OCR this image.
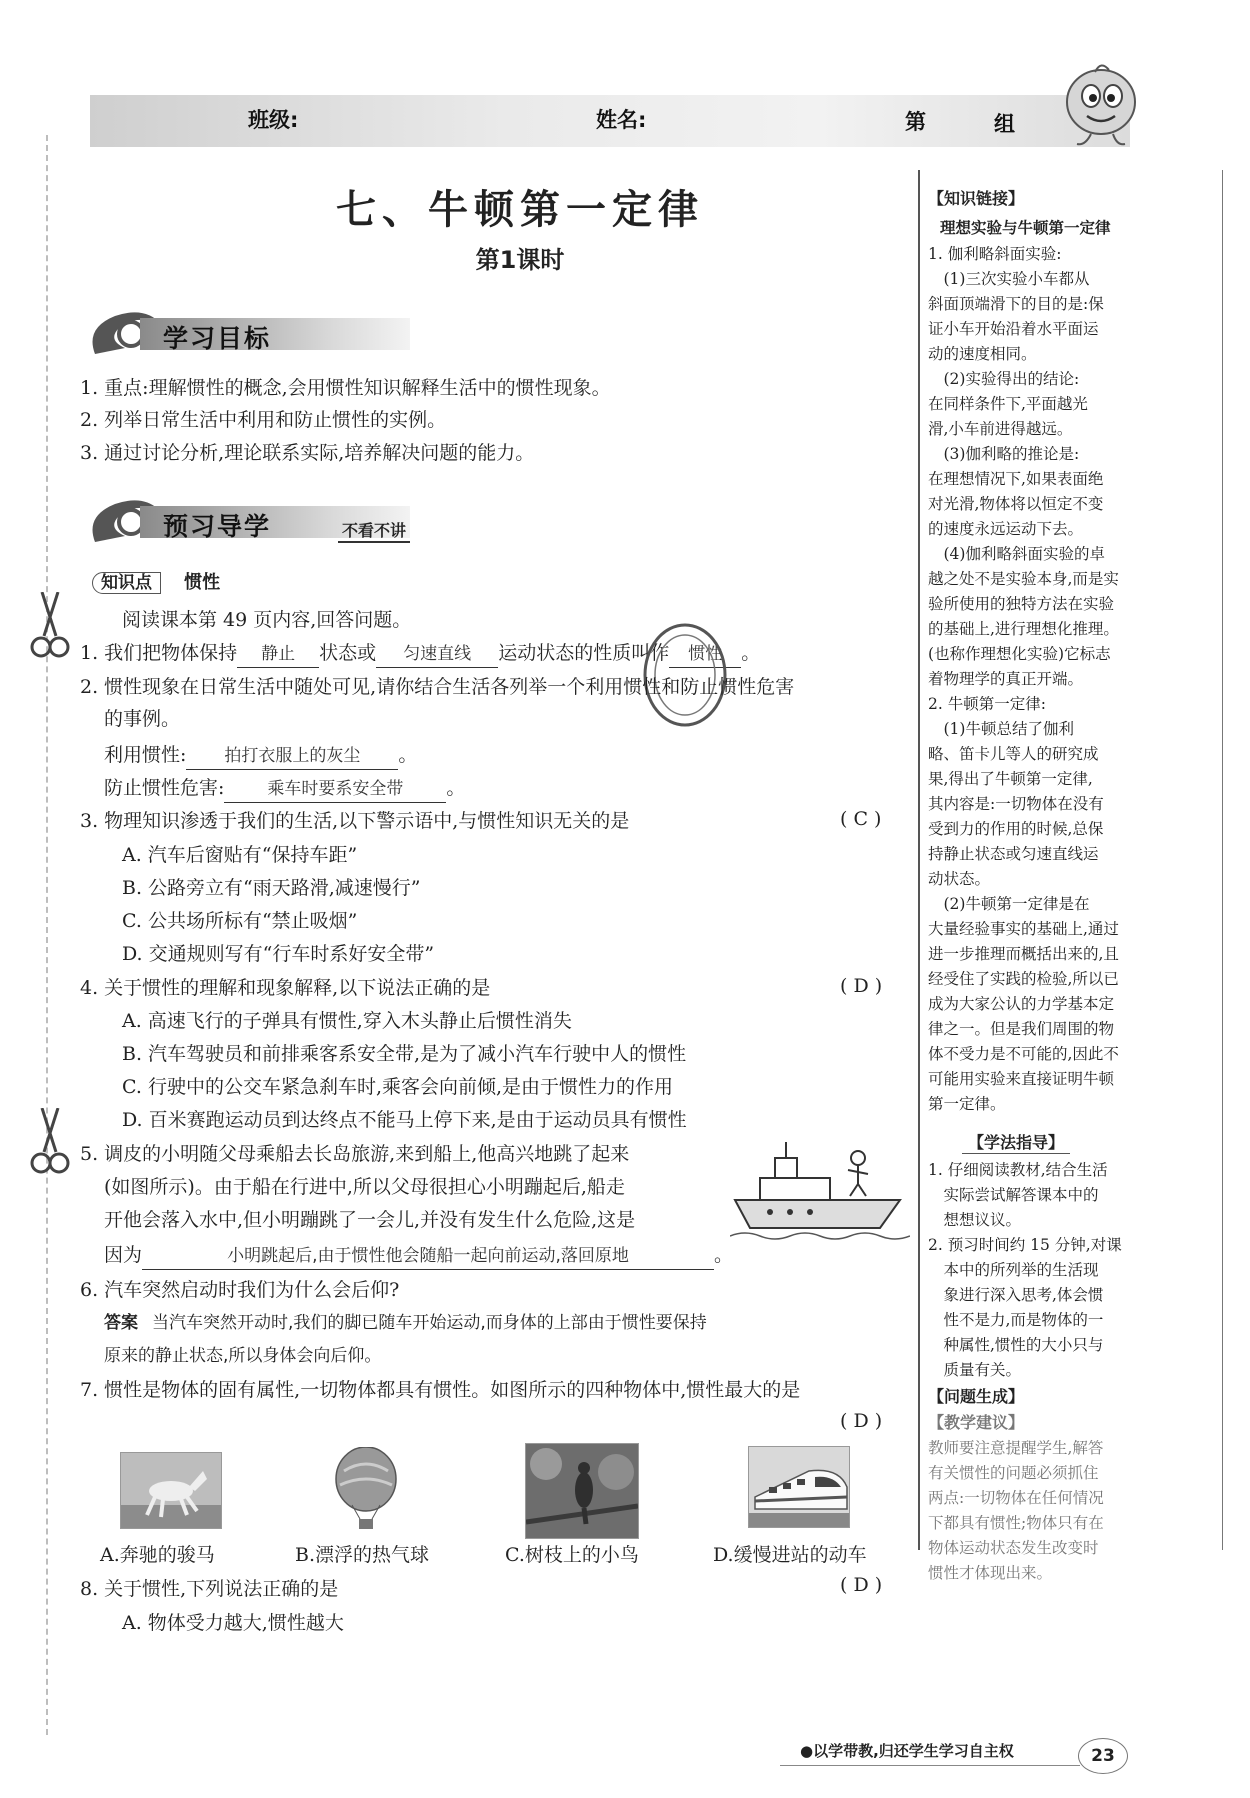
班级:	姓名:	第	组
七、牛顿第一定律
第1课时
学习目标
1. 重点:理解惯性的概念,会用惯性知识解释生活中的惯性现象。
2. 列举日常生活中利用和防止惯性的实例。
3. 通过讨论分析,理论联系实际,培养解决问题的能力。
预习导学	不看不讲
知识点 惯性
阅读课本第 49 页内容,回答问题。
1. 我们把物体保持 静止 状态或 匀速直线 运动状态的性质叫作 惯性 。
2. 惯性现象在日常生活中随处可见,请你结合生活各列举一个利用惯性和防止惯性危害
的事例。
利用惯性: 拍打衣服上的灰尘 。
防止惯性危害:	乘车时要系安全带 。
3. 物理知识渗透于我们的生活,以下警示语中,与惯性知识无关的是	( C )
A. 汽车后窗贴有“保持车距”
B. 公路旁立有“雨天路滑,减速慢行”
C. 公共场所标有“禁止吸烟”
D. 交通规则写有“行车时系好安全带”
4. 关于惯性的理解和现象解释,以下说法正确的是	( D )
A. 高速飞行的子弹具有惯性,穿入木头静止后惯性消失
B. 汽车驾驶员和前排乘客系安全带,是为了减小汽车行驶中人的惯性
C. 行驶中的公交车紧急刹车时,乘客会向前倾,是由于惯性力的作用
D. 百米赛跑运动员到达终点不能马上停下来,是由于运动员具有惯性
5. 调皮的小明随父母乘船去长岛旅游,来到船上,他高兴地跳了起来
(如图所示)。由于船在行进中,所以父母很担心小明蹦起后,船走
开他会落入水中,但小明蹦跳了一会儿,并没有发生什么危险,这是
因为	小明跳起后,由于惯性他会随船一起向前运动,落回原地	。
6. 汽车突然启动时我们为什么会后仰?
答案 当汽车突然开动时,我们的脚已随车开始运动,而身体的上部由于惯性要保持
原来的静止状态,所以身体会向后仰。
7. 惯性是物体的固有属性,一切物体都具有惯性。如图所示的四种物体中,惯性最大的是
( D )
A.奔驰的骏马	B.漂浮的热气球	C.树枝上的小鸟	D.缓慢进站的动车
8. 关于惯性,下列说法正确的是	( D )
A. 物体受力越大,惯性越大
【知识链接】
理想实验与牛顿第一定律
1. 伽利略斜面实验:
　(1)三次实验小车都从
斜面顶端滑下的目的是:保
证小车开始沿着水平面运
动的速度相同。
　(2)实验得出的结论:
在同样条件下,平面越光
滑,小车前进得越远。
　(3)伽利略的推论是:
在理想情况下,如果表面绝
对光滑,物体将以恒定不变
的速度永远运动下去。
　(4)伽利略斜面实验的卓
越之处不是实验本身,而是实
验所使用的独特方法在实验
的基础上,进行理想化推理。
(也称作理想化实验)它标志
着物理学的真正开端。
2. 牛顿第一定律:
　(1)牛顿总结了伽利
略、笛卡儿等人的研究成
果,得出了牛顿第一定律,
其内容是:一切物体在没有
受到力的作用的时候,总保
持静止状态或匀速直线运
动状态。
　(2)牛顿第一定律是在
大量经验事实的基础上,通过
进一步推理而概括出来的,且
经受住了实践的检验,所以已
成为大家公认的力学基本定
律之一。但是我们周围的物
体不受力是不可能的,因此不
可能用实验来直接证明牛顿
第一定律。
【学法指导】
1. 仔细阅读教材,结合生活
　实际尝试解答课本中的
　想想议议。
2. 预习时间约 15 分钟,对课
　本中的所列举的生活现
　象进行深入思考,体会惯
　性不是力,而是物体的一
　种属性,惯性的大小只与
　质量有关。
【问题生成】
【教学建议】
教师要注意提醒学生,解答
有关惯性的问题必须抓住
两点:一切物体在任何情况
下都具有惯性;物体只有在
物体运动状态发生改变时
惯性才体现出来。
●以学带教,归还学生学习自主权	23
